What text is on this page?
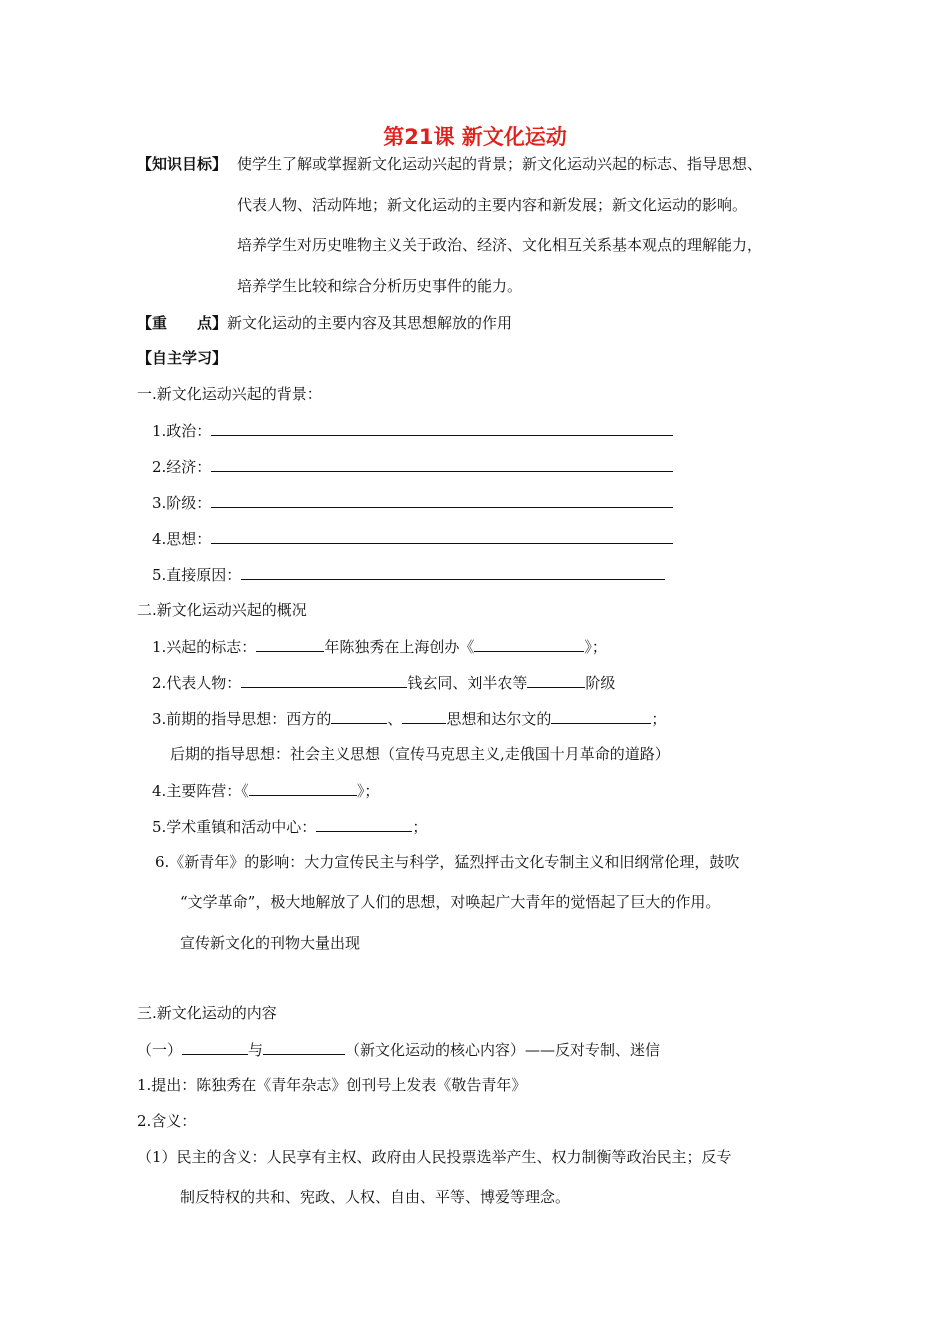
第21课 新文化运动
【知识目标】 使学生了解或掌握新文化运动兴起的背景；新文化运动兴起的标志、指导思想、
代表人物、活动阵地；新文化运动的主要内容和新发展；新文化运动的影响。
培养学生对历史唯物主义关于政治、经济、文化相互关系基本观点的理解能力，
培养学生比较和综合分析历史事件的能力。
【重　　点】新文化运动的主要内容及其思想解放的作用
【自主学习】
一.新文化运动兴起的背景：
1.政治：
2.经济：
3.阶级：
4.思想：
5.直接原因：
二.新文化运动兴起的概况
1.兴起的标志：	年陈独秀在上海创办《	》；
2.代表人物：	钱玄同、刘半农等	阶级
3.前期的指导思想：西方的	、	思想和达尔文的	；
后期的指导思想：社会主义思想（宣传马克思主义,走俄国十月革命的道路）
4.主要阵营：《	》；
5.学术重镇和活动中心：	；
6.《新青年》的影响：大力宣传民主与科学，猛烈抨击文化专制主义和旧纲常伦理，鼓吹
“文学革命”，极大地解放了人们的思想，对唤起广大青年的觉悟起了巨大的作用。
宣传新文化的刊物大量出现
三.新文化运动的内容
（一）	与	（新文化运动的核心内容）——反对专制、迷信
1.提出：陈独秀在《青年杂志》创刊号上发表《敬告青年》
2.含义：
（1）民主的含义：人民享有主权、政府由人民投票选举产生、权力制衡等政治民主；反专
制反特权的共和、宪政、人权、自由、平等、博爱等理念。
